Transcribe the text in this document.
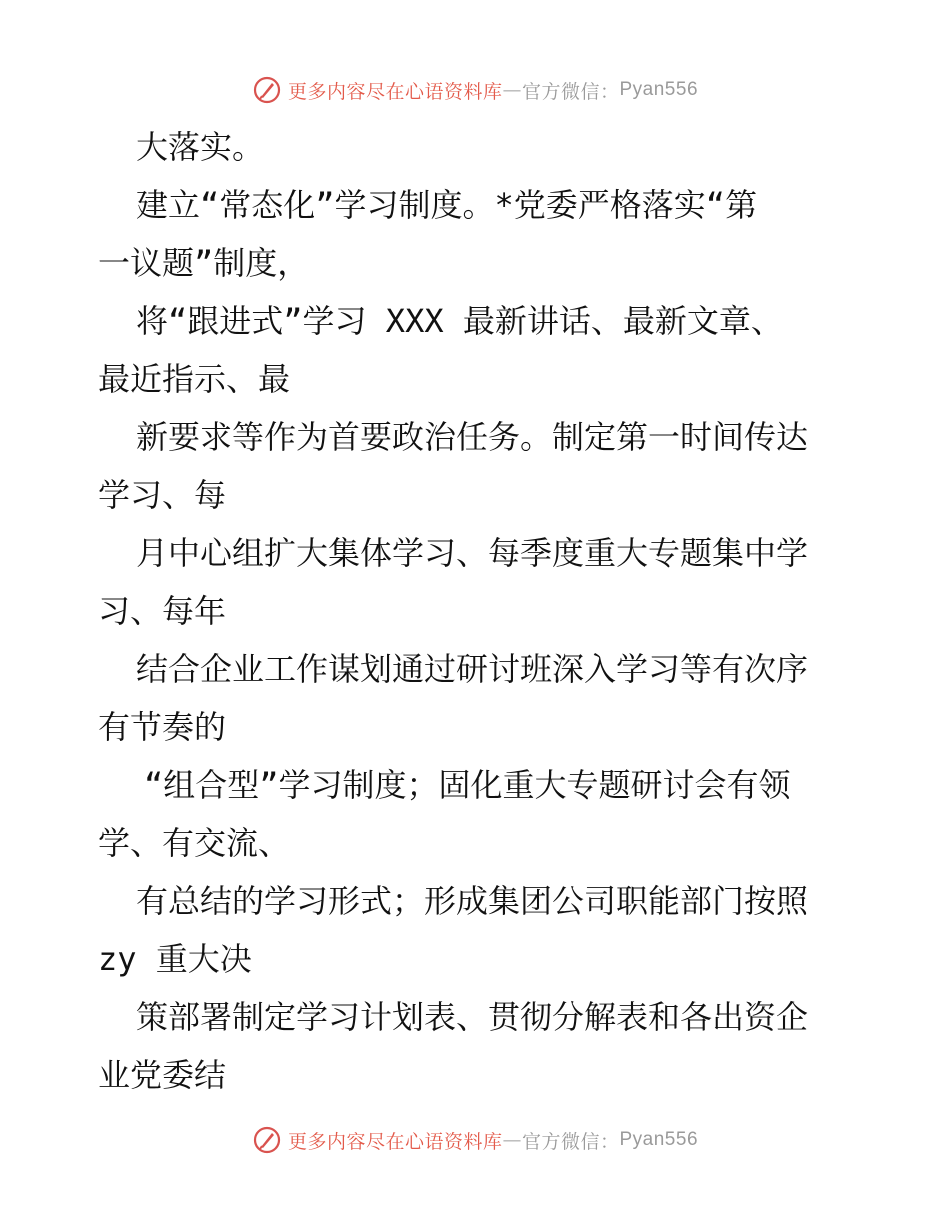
更多内容尽在心语资料库 — 官方微信： Pyan556
大落实。
建立“常态化”学习制度。*党委严格落实“第
一议题”制度，
将“跟进式”学习 XXX 最新讲话、最新文章、
最近指示、最
新要求等作为首要政治任务。制定第一时间传达
学习、每
月中心组扩大集体学习、每季度重大专题集中学
习、每年
结合企业工作谋划通过研讨班深入学习等有次序
有节奏的
“组合型”学习制度；固化重大专题研讨会有领
学、有交流、
有总结的学习形式；形成集团公司职能部门按照
zy 重大决
策部署制定学习计划表、贯彻分解表和各出资企
业党委结
更多内容尽在心语资料库 — 官方微信： Pyan556
